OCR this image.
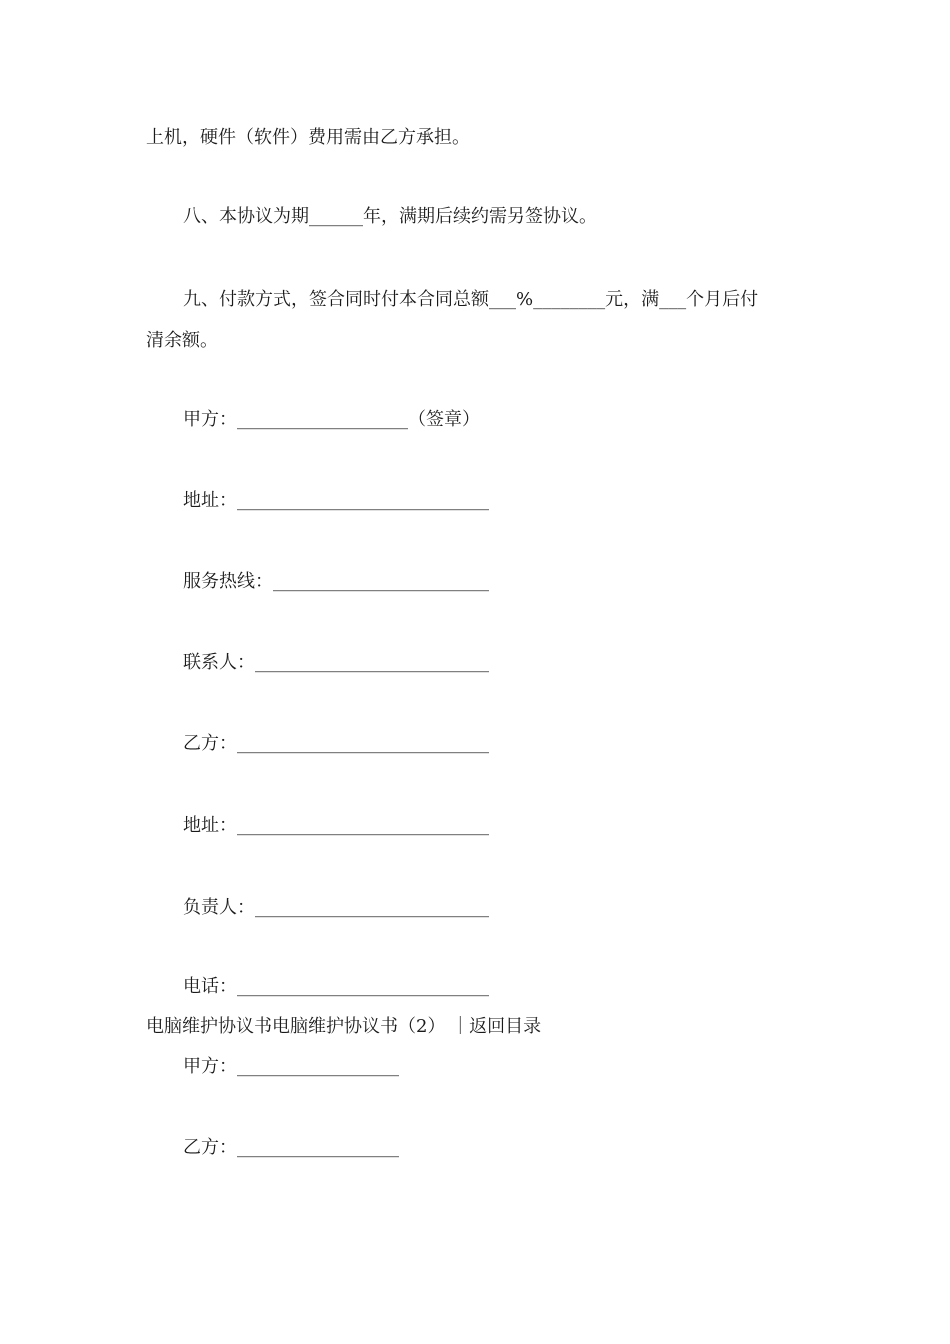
上机，硬件（软件）费用需由乙方承担。
八、本协议为期______年，满期后续约需另签协议。
九、付款方式，签合同时付本合同总额___%________元，满___个月后付
清余额。
甲方：___________________（签章）
地址：____________________________
服务热线：________________________
联系人：__________________________
乙方：____________________________
地址：____________________________
负责人：__________________________
电话：____________________________
电脑维护协议书电脑维护协议书（2） ｜返回目录
甲方：__________________
乙方：__________________
